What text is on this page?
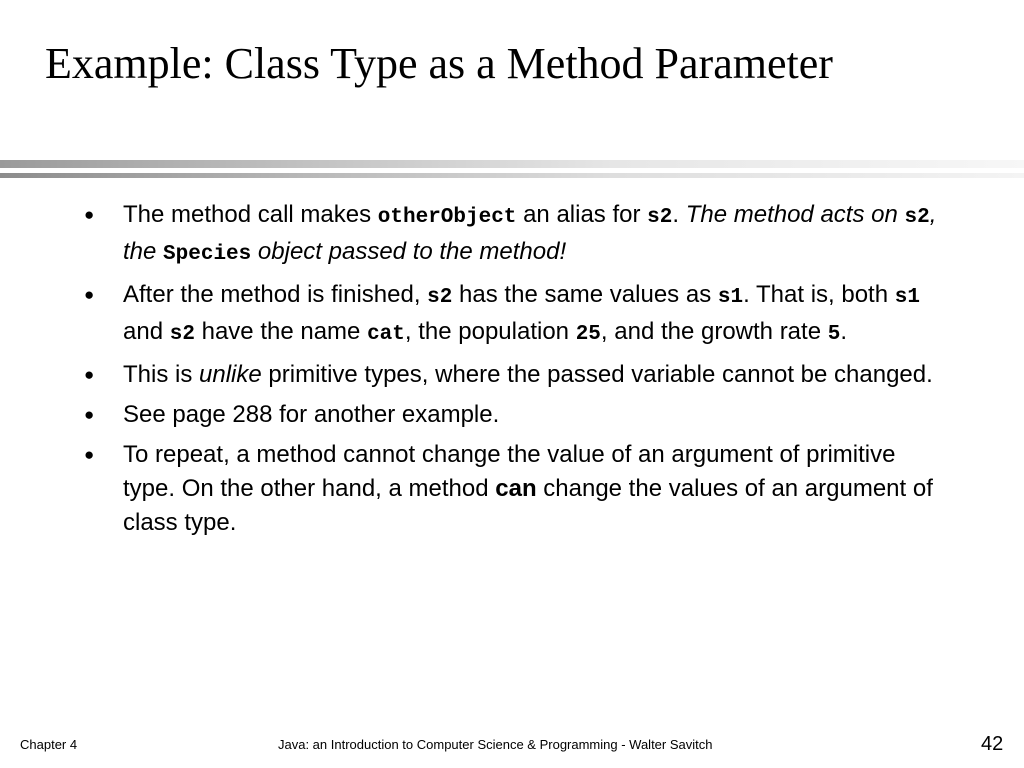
Example: Class Type as a Method Parameter
● The method call makes otherObject an alias for s2. The method acts on s2, the Species object passed to the method!
● After the method is finished, s2 has the same values as s1. That is, both s1 and s2 have the name cat, the population 25, and the growth rate 5.
● This is unlike primitive types, where the passed variable cannot be changed.
● See page 288 for another example.
● To repeat, a method cannot change the value of an argument of primitive type. On the other hand, a method can change the values of an argument of class type.
Chapter 4	Java: an Introduction to Computer Science & Programming - Walter Savitch	42
